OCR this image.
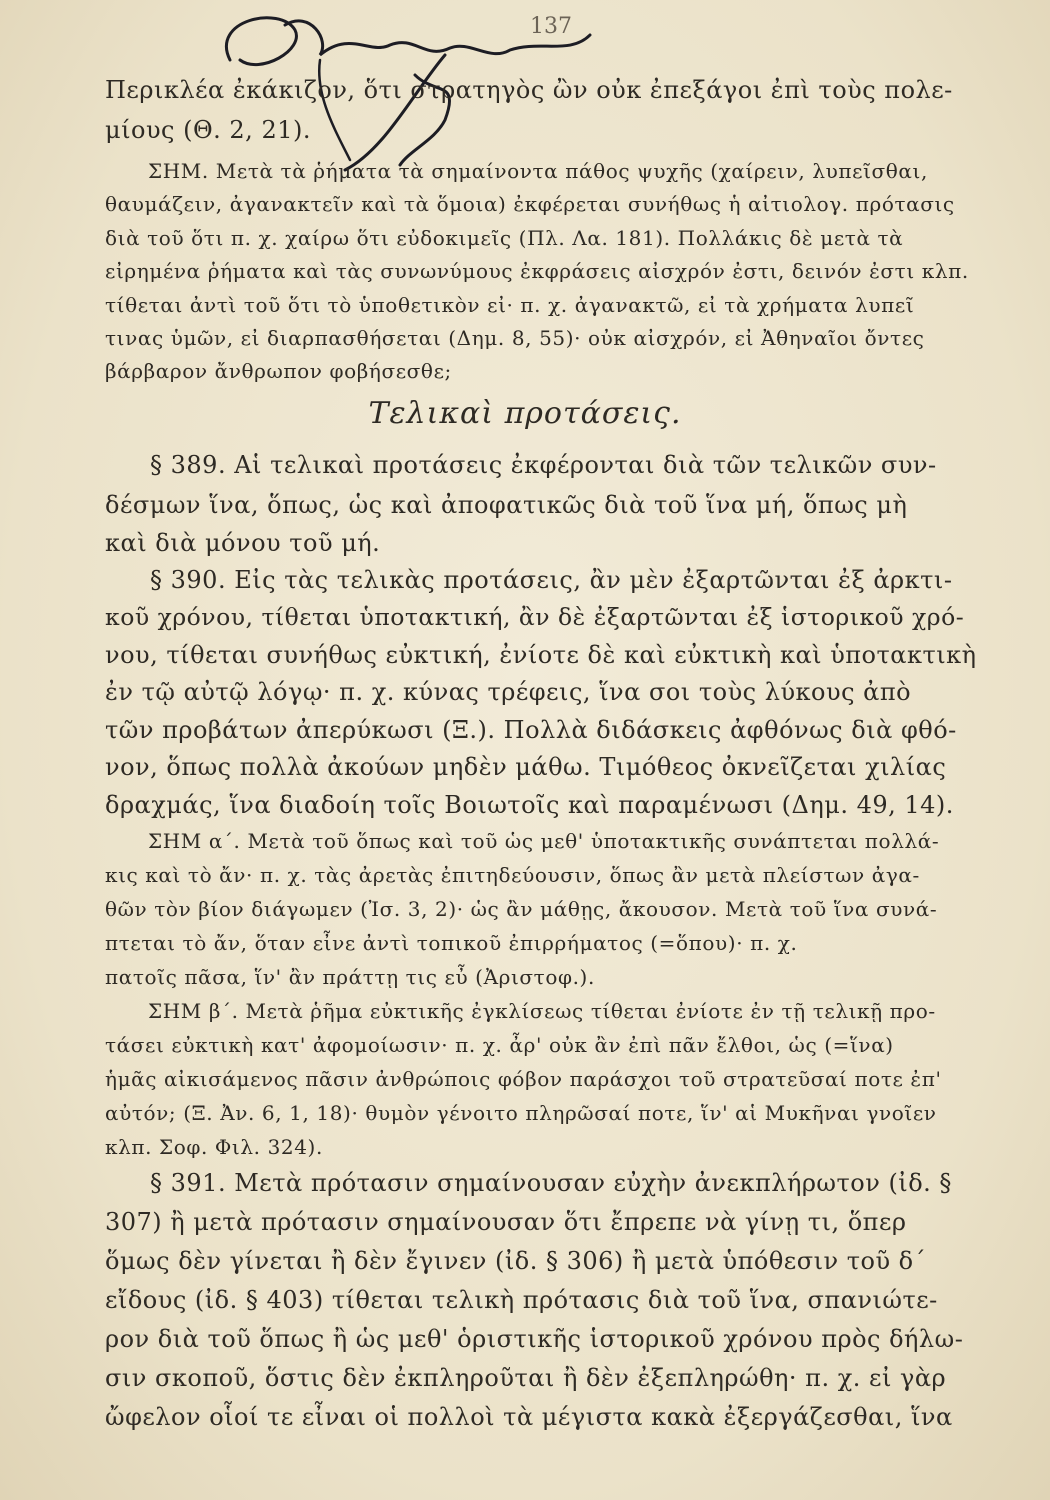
137
Περικλέα ἐκάκιζον, ὅτι στρατηγὸς ὢν οὐκ ἐπεξάγοι ἐπὶ τοὺς πολε-
μίους (Θ. 2, 21).
ΣΗΜ. Μετὰ τὰ ῥήματα τὰ σημαίνοντα πάθος ψυχῆς (χαίρειν, λυπεῖσθαι,
θαυμάζειν, ἀγανακτεῖν καὶ τὰ ὅμοια) ἐκφέρεται συνήθως ἡ αἰτιολογ. πρότασις
διὰ τοῦ ὅτι π. χ. χαίρω ὅτι εὐδοκιμεῖς (Πλ. Λα. 181). Πολλάκις δὲ μετὰ τὰ
εἰρημένα ῥήματα καὶ τὰς συνωνύμους ἐκφράσεις αἰσχρόν ἐστι, δεινόν ἐστι κλπ.
τίθεται ἀντὶ τοῦ ὅτι τὸ ὑποθετικὸν εἰ· π. χ. ἀγανακτῶ, εἰ τὰ χρήματα λυπεῖ
τινας ὑμῶν, εἰ διαρπασθήσεται (Δημ. 8, 55)· οὐκ αἰσχρόν, εἰ Ἀθηναῖοι ὄντες
βάρβαρον ἄνθρωπον φοβήσεσθε;
Τελικαὶ προτάσεις.
§ 389. Αἱ τελικαὶ προτάσεις ἐκφέρονται διὰ τῶν τελικῶν συν-
δέσμων ἵνα, ὅπως, ὡς καὶ ἀποφατικῶς διὰ τοῦ ἵνα μή, ὅπως μὴ
καὶ διὰ μόνου τοῦ μή.
§ 390. Εἰς τὰς τελικὰς προτάσεις, ἂν μὲν ἐξαρτῶνται ἐξ ἀρκτι-
κοῦ χρόνου, τίθεται ὑποτακτική, ἂν δὲ ἐξαρτῶνται ἐξ ἱστορικοῦ χρό-
νου, τίθεται συνήθως εὐκτική, ἐνίοτε δὲ καὶ εὐκτικὴ καὶ ὑποτακτικὴ
ἐν τῷ αὐτῷ λόγῳ· π. χ. κύνας τρέφεις, ἵνα σοι τοὺς λύκους ἀπὸ
τῶν προβάτων ἀπερύκωσι (Ξ.). Πολλὰ διδάσκεις ἀφθόνως διὰ φθό-
νον, ὅπως πολλὰ ἀκούων μηδὲν μάθω. Τιμόθεος ὀκνεῖζεται χιλίας
δραχμάς, ἵνα διαδοίη τοῖς Βοιωτοῖς καὶ παραμένωσι (Δημ. 49, 14).
ΣΗΜ α΄. Μετὰ τοῦ ὅπως καὶ τοῦ ὡς μεθ' ὑποτακτικῆς συνάπτεται πολλά-
κις καὶ τὸ ἄν· π. χ. τὰς ἀρετὰς ἐπιτηδεύουσιν, ὅπως ἂν μετὰ πλείστων ἀγα-
θῶν τὸν βίον διάγωμεν (Ἰσ. 3, 2)· ὡς ἂν μάθῃς, ἄκουσον. Μετὰ τοῦ ἵνα συνά-
πτεται τὸ ἄν, ὅταν εἶνε ἀντὶ τοπικοῦ ἐπιρρήματος (=ὅπου)· π. χ.
πατοῖς πᾶσα, ἵν' ἂν πράττῃ τις εὖ (Ἀριστοφ.).
ΣΗΜ β΄. Μετὰ ῥῆμα εὐκτικῆς ἐγκλίσεως τίθεται ἐνίοτε ἐν τῇ τελικῇ προ-
τάσει εὐκτικὴ κατ' ἀφομοίωσιν· π. χ. ἆρ' οὐκ ἂν ἐπὶ πᾶν ἔλθοι, ὡς (=ἵνα)
ἡμᾶς αἰκισάμενος πᾶσιν ἀνθρώποις φόβον παράσχοι τοῦ στρατεῦσαί ποτε ἐπ'
αὐτόν; (Ξ. Ἀν. 6, 1, 18)· θυμὸν γένοιτο πληρῶσαί ποτε, ἵν' αἱ Μυκῆναι γνοῖεν
κλπ. Σοφ. Φιλ. 324).
§ 391. Μετὰ πρότασιν σημαίνουσαν εὐχὴν ἀνεκπλήρωτον (ἰδ. §
307) ἢ μετὰ πρότασιν σημαίνουσαν ὅτι ἔπρεπε νὰ γίνῃ τι, ὅπερ
ὅμως δὲν γίνεται ἢ δὲν ἔγινεν (ἰδ. § 306) ἢ μετὰ ὑπόθεσιν τοῦ δ΄
εἴδους (ἰδ. § 403) τίθεται τελικὴ πρότασις διὰ τοῦ ἵνα, σπανιώτε-
ρον διὰ τοῦ ὅπως ἢ ὡς μεθ' ὁριστικῆς ἱστορικοῦ χρόνου πρὸς δήλω-
σιν σκοποῦ, ὅστις δὲν ἐκπληροῦται ἢ δὲν ἐξεπληρώθη· π. χ. εἰ γὰρ
ὤφελον οἷοί τε εἶναι οἱ πολλοὶ τὰ μέγιστα κακὰ ἐξεργάζεσθαι, ἵνα
